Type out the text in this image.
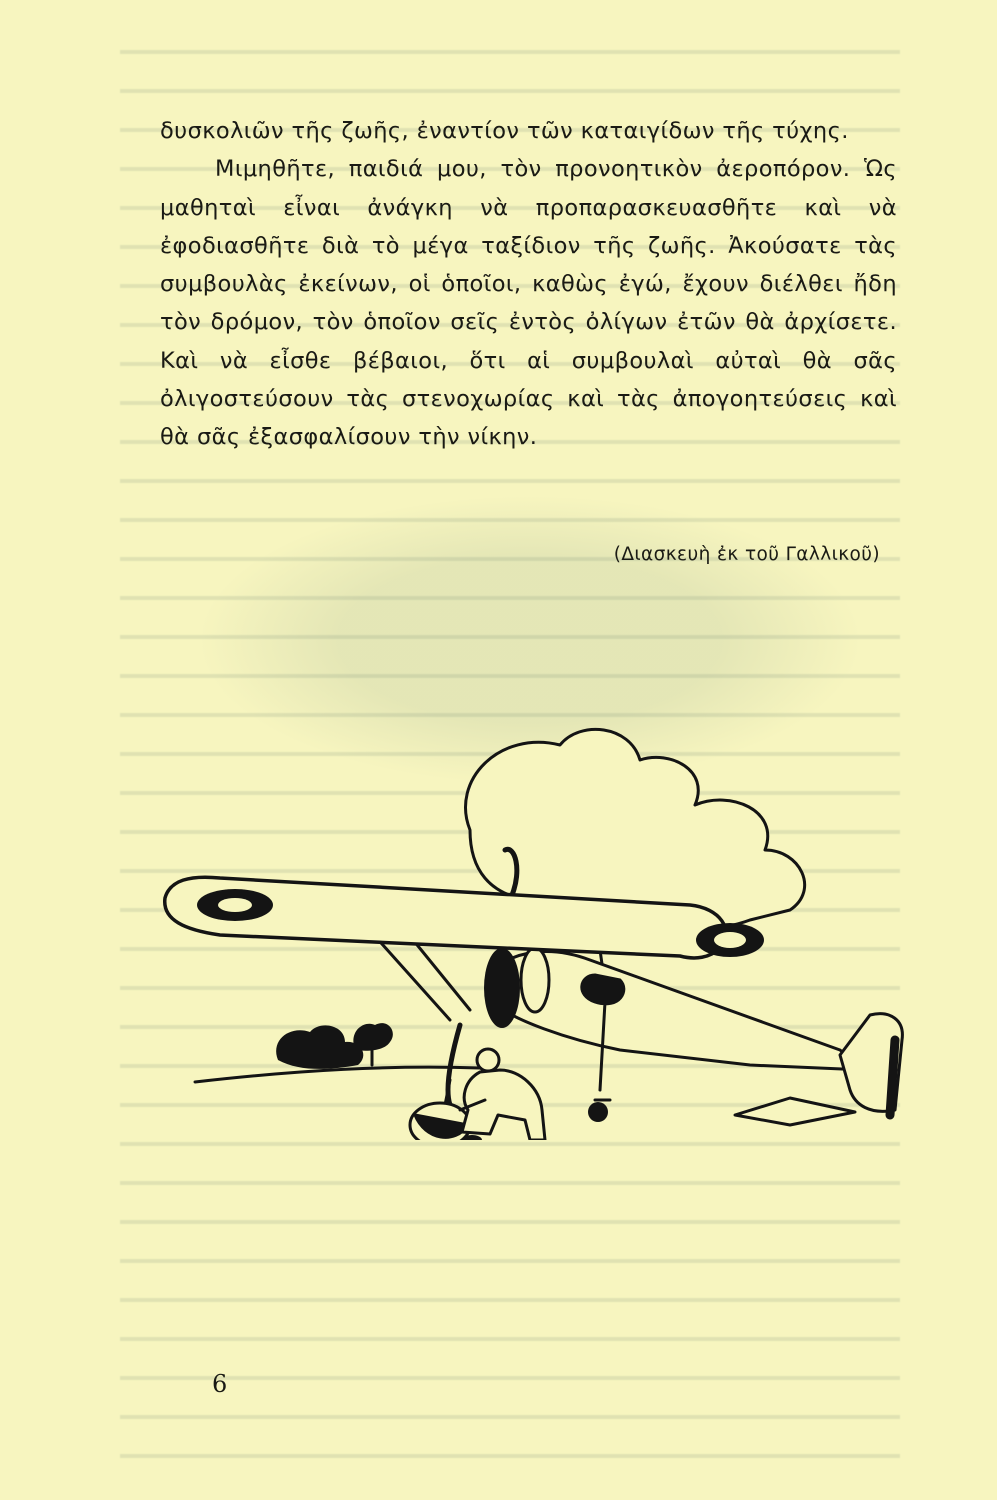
δυσκολιῶν τῆς ζωῆς, ἐναντίον τῶν καταιγίδων τῆς τύχης.

Μιμηθῆτε, παιδιά μου, τὸν προνοητικὸν ἀεροπόρον. Ὡς μαθηταὶ εἶναι ἀνάγκη νὰ προπαρασκευασθῆτε καὶ νὰ ἐφοδιασθῆτε διὰ τὸ μέγα ταξίδιον τῆς ζωῆς. Ἀκούσατε τὰς συμβουλὰς ἐκείνων, οἱ ὁποῖοι, καθὼς ἐγώ, ἔχουν διέλθει ἤδη τὸν δρόμον, τὸν ὁποῖον σεῖς ἐντὸς ὀλίγων ἐτῶν θὰ ἀρχίσετε. Καὶ νὰ εἶσθε βέβαιοι, ὅτι αἱ συμβουλαὶ αὐταὶ θὰ σᾶς ὀλιγοστεύσουν τὰς στενοχωρίας καὶ τὰς ἀπογοητεύσεις καὶ θὰ σᾶς ἐξασφαλίσουν τὴν νίκην.

(Διασκευὴ ἐκ τοῦ Γαλλικοῦ)
6
